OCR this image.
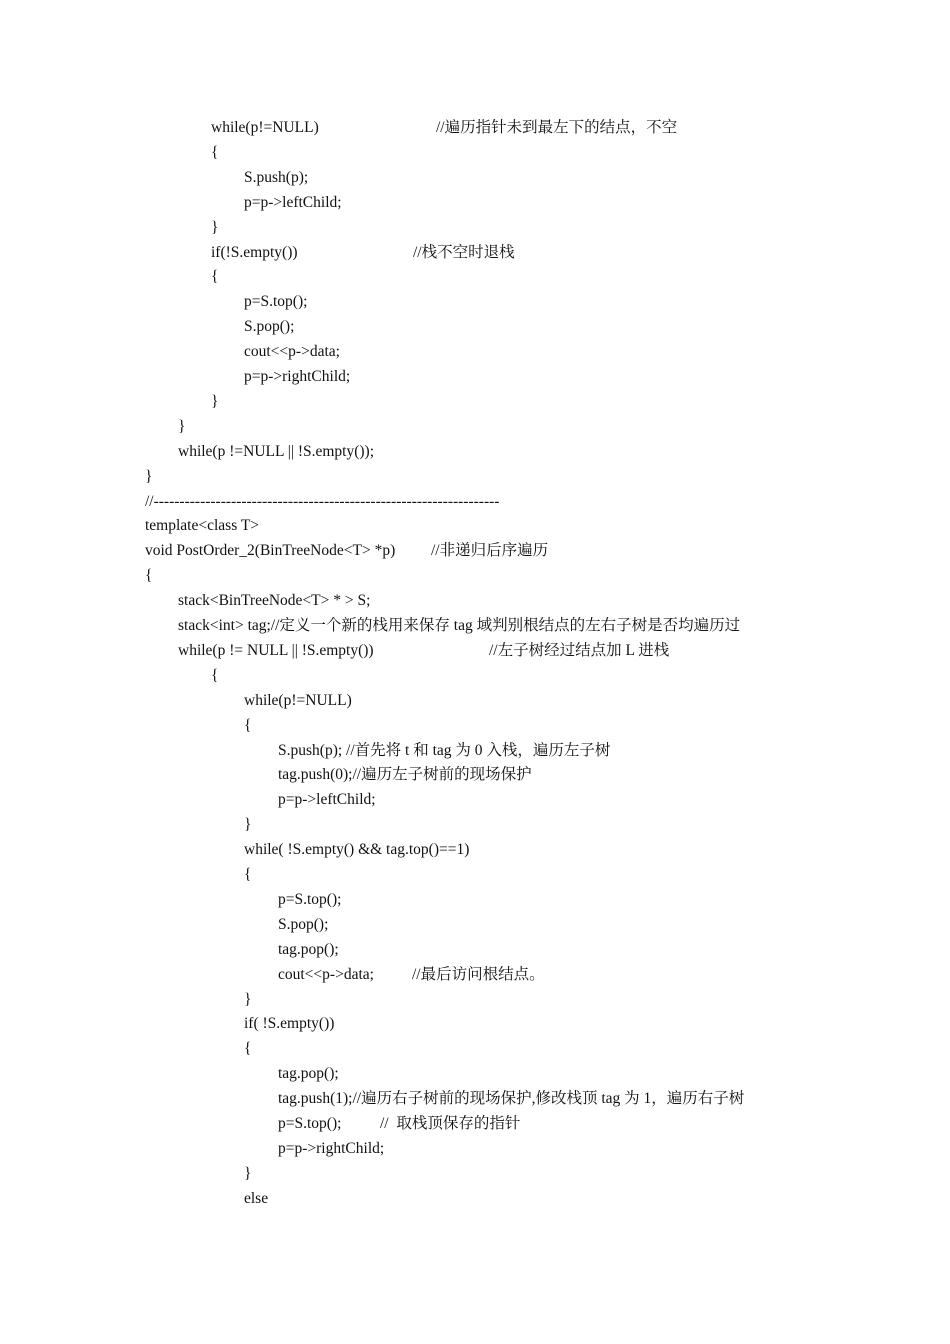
while(p!=NULL)	//遍历指针未到最左下的结点，不空
{
S.push(p);
p=p->leftChild;
}
if(!S.empty())	//栈不空时退栈
{
p=S.top();
S.pop();
cout<<p->data;
p=p->rightChild;
}
}
while(p !=NULL || !S.empty());
}
//-------------------------------------------------------------------
template<class T>
void PostOrder_2(BinTreeNode<T> *p) //非递归后序遍历
{
stack<BinTreeNode<T> * > S;
stack<int> tag;//定义一个新的栈用来保存 tag 域判别根结点的左右子树是否均遍历过
while(p != NULL || !S.empty())	//左子树经过结点加 L 进栈
{
while(p!=NULL)
{
S.push(p); //首先将 t 和 tag 为 0 入栈，遍历左子树
tag.push(0);//遍历左子树前的现场保护
p=p->leftChild;
}
while( !S.empty() && tag.top()==1)
{
p=S.top();
S.pop();
tag.pop();
cout<<p->data; //最后访问根结点。
}
if( !S.empty())
{
tag.pop();
tag.push(1);//遍历右子树前的现场保护,修改栈顶 tag 为 1，遍历右子树
p=S.top(); //  取栈顶保存的指针
p=p->rightChild;
}
else
